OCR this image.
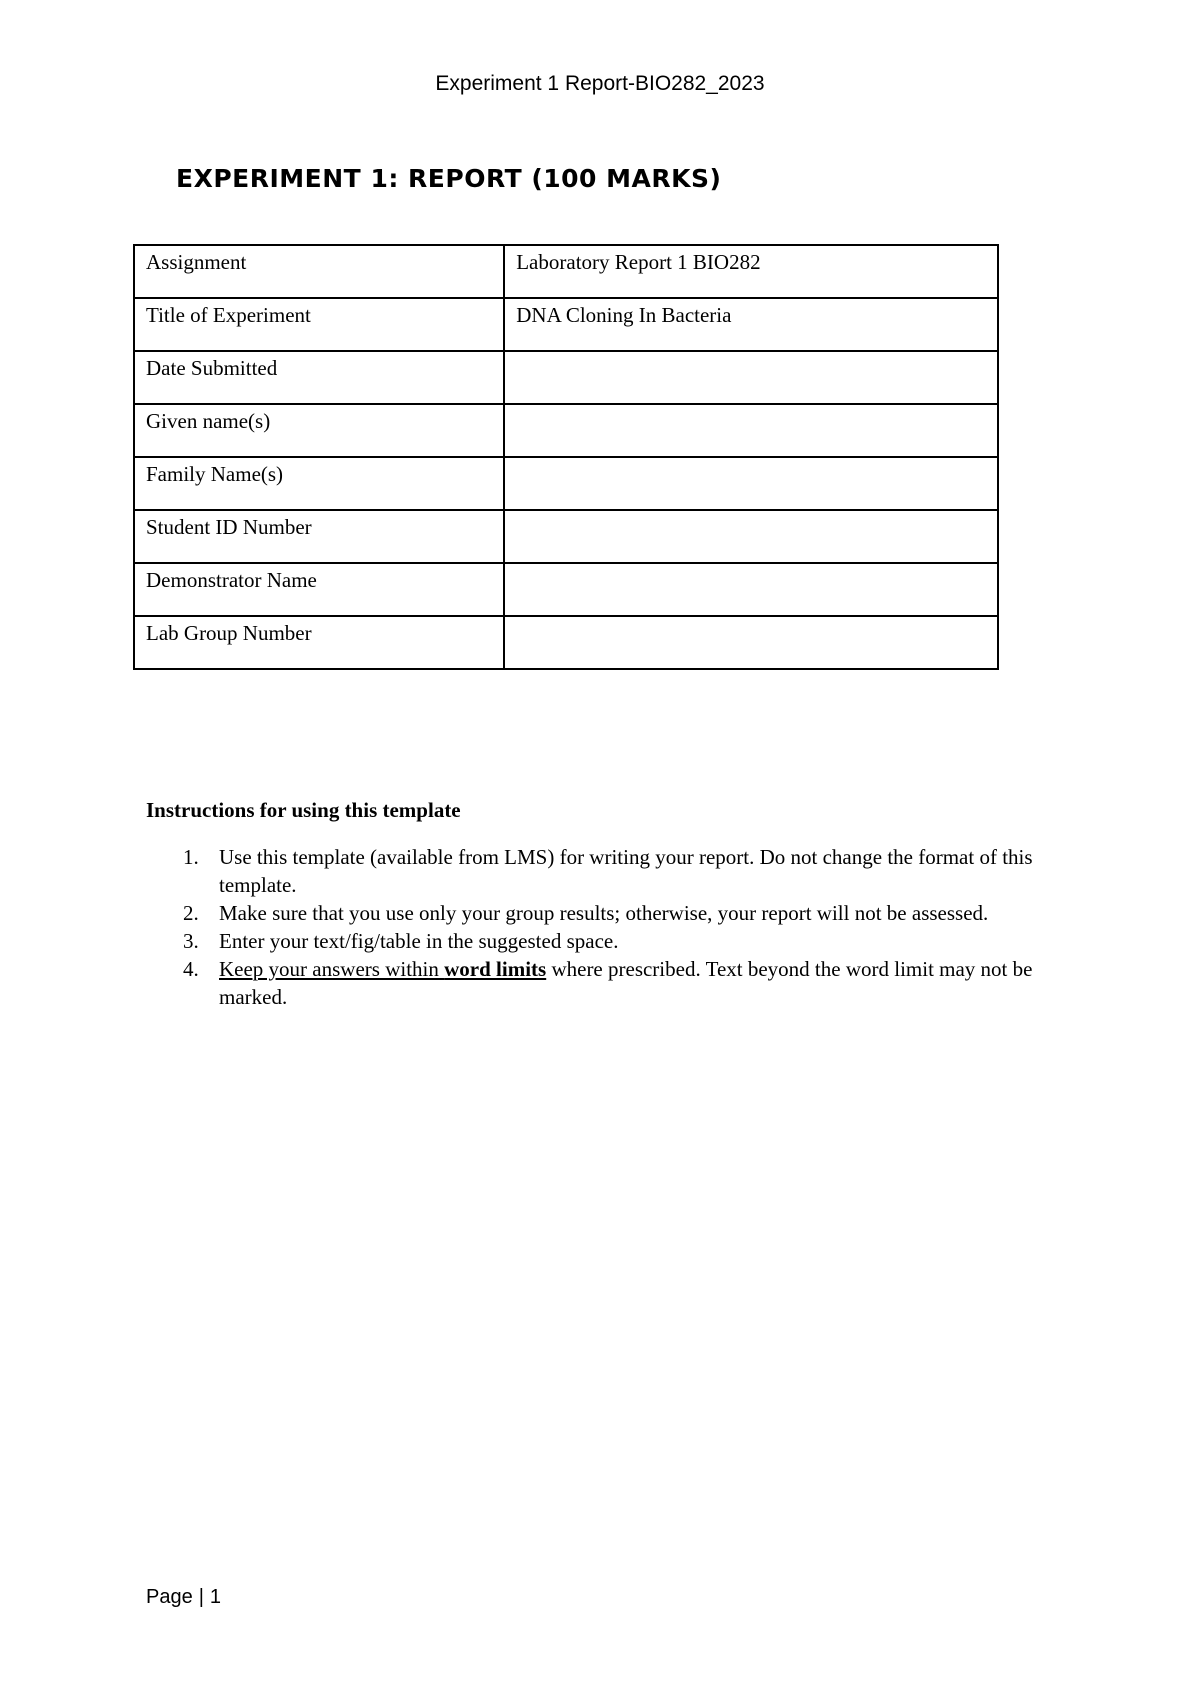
Experiment 1 Report-BIO282_2023
EXPERIMENT 1: REPORT (100 MARKS)
Assignment	Laboratory Report 1 BIO282
Title of Experiment	DNA Cloning In Bacteria
Date Submitted	
Given name(s)	
Family Name(s)	
Student ID Number	
Demonstrator Name	
Lab Group Number	
Instructions for using this template
1. Use this template (available from LMS) for writing your report. Do not change the format of this template.
2. Make sure that you use only your group results; otherwise, your report will not be assessed.
3. Enter your text/fig/table in the suggested space.
4. Keep your answers within word limits where prescribed. Text beyond the word limit may not be marked.
Page | 1
